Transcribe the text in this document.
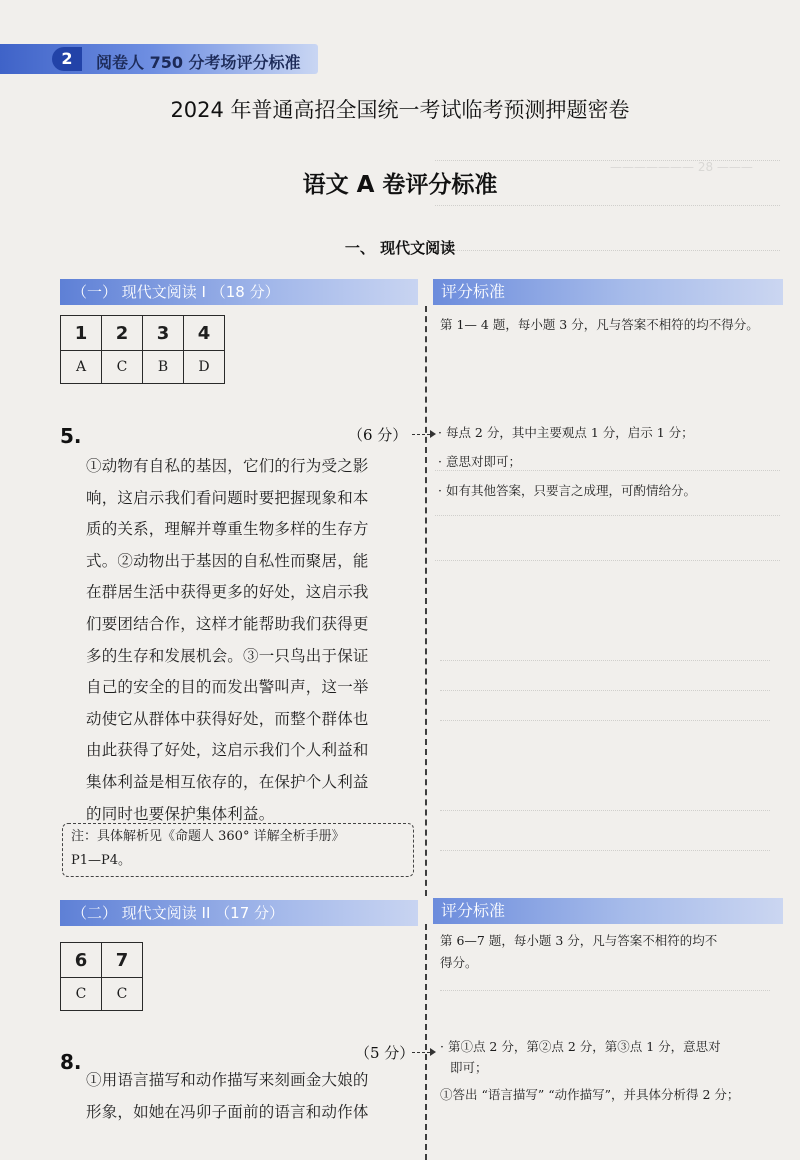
——————— 28 ———
2	阅卷人 750 分考场评分标准
2024 年普通高招全国统一考试临考预测押题密卷
语文 A 卷评分标准
一、 现代文阅读
（一） 现代文阅读 I （18 分）	评分标准
1	2	3	4
A	C	B	D
第 1— 4 题，每小题 3 分，凡与答案不相符的均不得分。
5.	（6 分）
①动物有自私的基因，它们的行为受之影
响，这启示我们看问题时要把握现象和本
质的关系，理解并尊重生物多样的生存方
式。②动物出于基因的自私性而聚居，能
在群居生活中获得更多的好处，这启示我
们要团结合作，这样才能帮助我们获得更
多的生存和发展机会。③一只鸟出于保证
自己的安全的目的而发出警叫声，这一举
动使它从群体中获得好处，而整个群体也
由此获得了好处，这启示我们个人利益和
集体利益是相互依存的，在保护个人利益
的同时也要保护集体利益。
· 每点 2 分，其中主要观点 1 分，启示 1 分；
· 意思对即可；
· 如有其他答案，只要言之成理，可酌情给分。
注：具体解析见《命题人 360° 详解全析手册》
P1—P4。
（二） 现代文阅读 II （17 分）	评分标准
6	7
C	C
第 6—7 题，每小题 3 分，凡与答案不相符的均不
得分。
8.	（5 分）
①用语言描写和动作描写来刻画金大娘的
形象，如她在冯卯子面前的语言和动作体
· 第①点 2 分，第②点 2 分，第③点 1 分，意思对
即可；
①答出 “语言描写” “动作描写”，并具体分析得 2 分；
